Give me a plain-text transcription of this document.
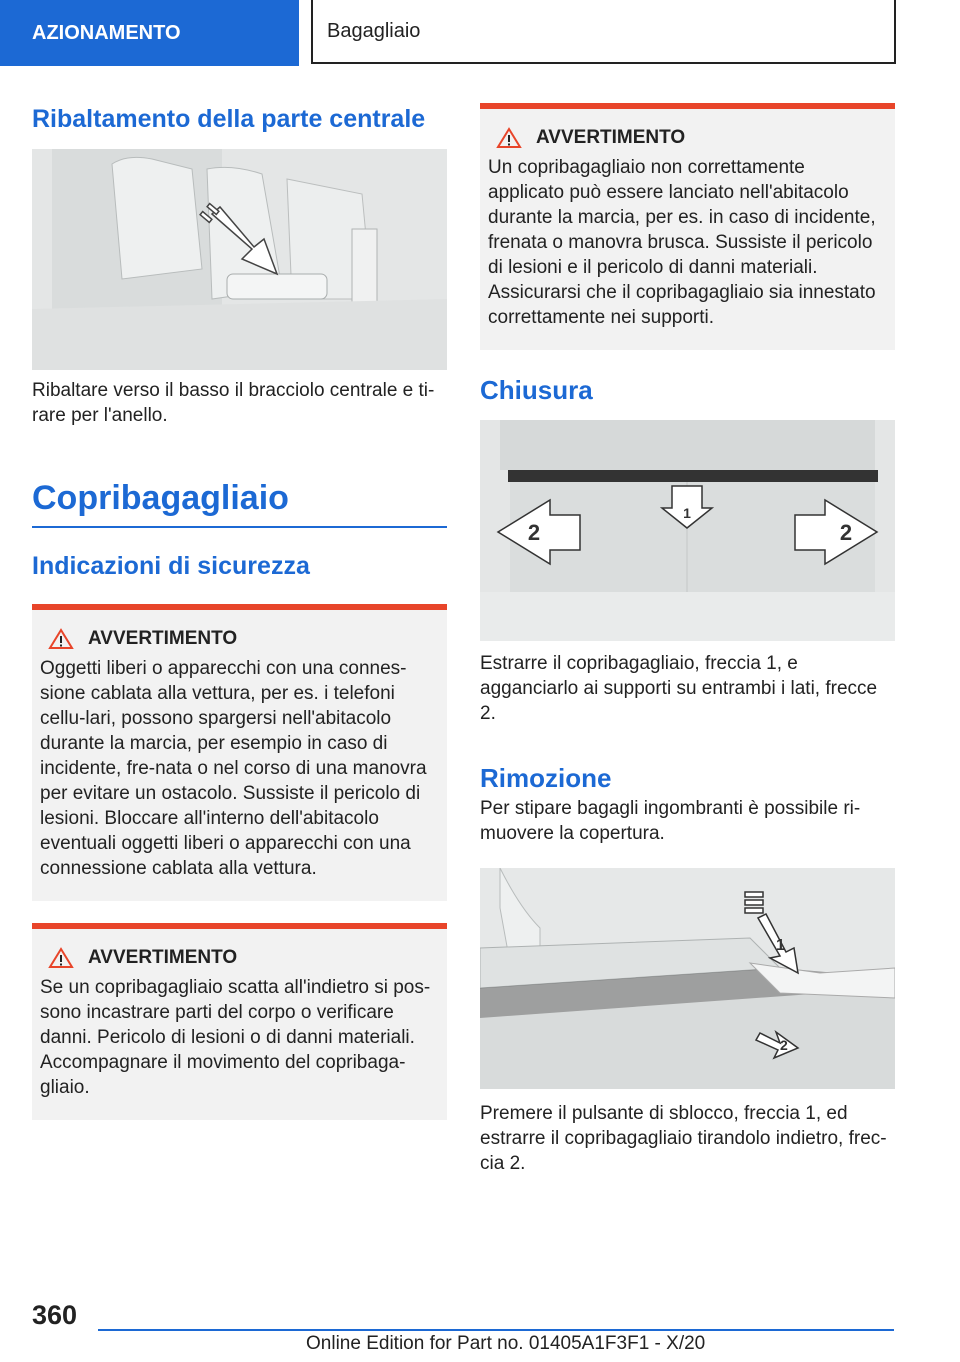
AZIONAMENTO	Bagagliaio
Ribaltamento della parte centrale

Ribaltare verso il basso il bracciolo centrale e ti-rare per l'anello.

Copribagagliaio
Indicazioni di sicurezza
AVVERTIMENTO

Oggetti liberi o apparecchi con una connes-sione cablata alla vettura, per es. i telefoni cellu-lari, possono spargersi nell'abitacolo durante la marcia, per esempio in caso di incidente, fre-nata o nel corso di una manovra per evitare un ostacolo. Sussiste il pericolo di lesioni. Bloccare all'interno dell'abitacolo eventuali oggetti liberi o apparecchi con una connessione cablata alla vettura.

AVVERTIMENTO

Se un copribagagliaio scatta all'indietro si pos-sono incastrare parti del corpo o verificare danni. Pericolo di lesioni o di danni materiali. Accompagnare il movimento del copribaga-gliaio.

AVVERTIMENTO

Un copribagagliaio non correttamente applicato può essere lanciato nell'abitacolo durante la marcia, per es. in caso di incidente, frenata o manovra brusca. Sussiste il pericolo di lesioni e il pericolo di danni materiali. Assicurarsi che il copribagagliaio sia innestato correttamente nei supporti.

Chiusura
1
2	2

Estrarre il copribagagliaio, freccia 1, e agganciarlo ai supporti su entrambi i lati, frecce 2.

Rimozione

Per stipare bagagli ingombranti è possibile ri-muovere la copertura.

1
2

Premere il pulsante di sblocco, freccia 1, ed estrarre il copribagagliaio tirandolo indietro, frec-cia 2.

360
Online Edition for Part no. 01405A1F3F1 - X/20
